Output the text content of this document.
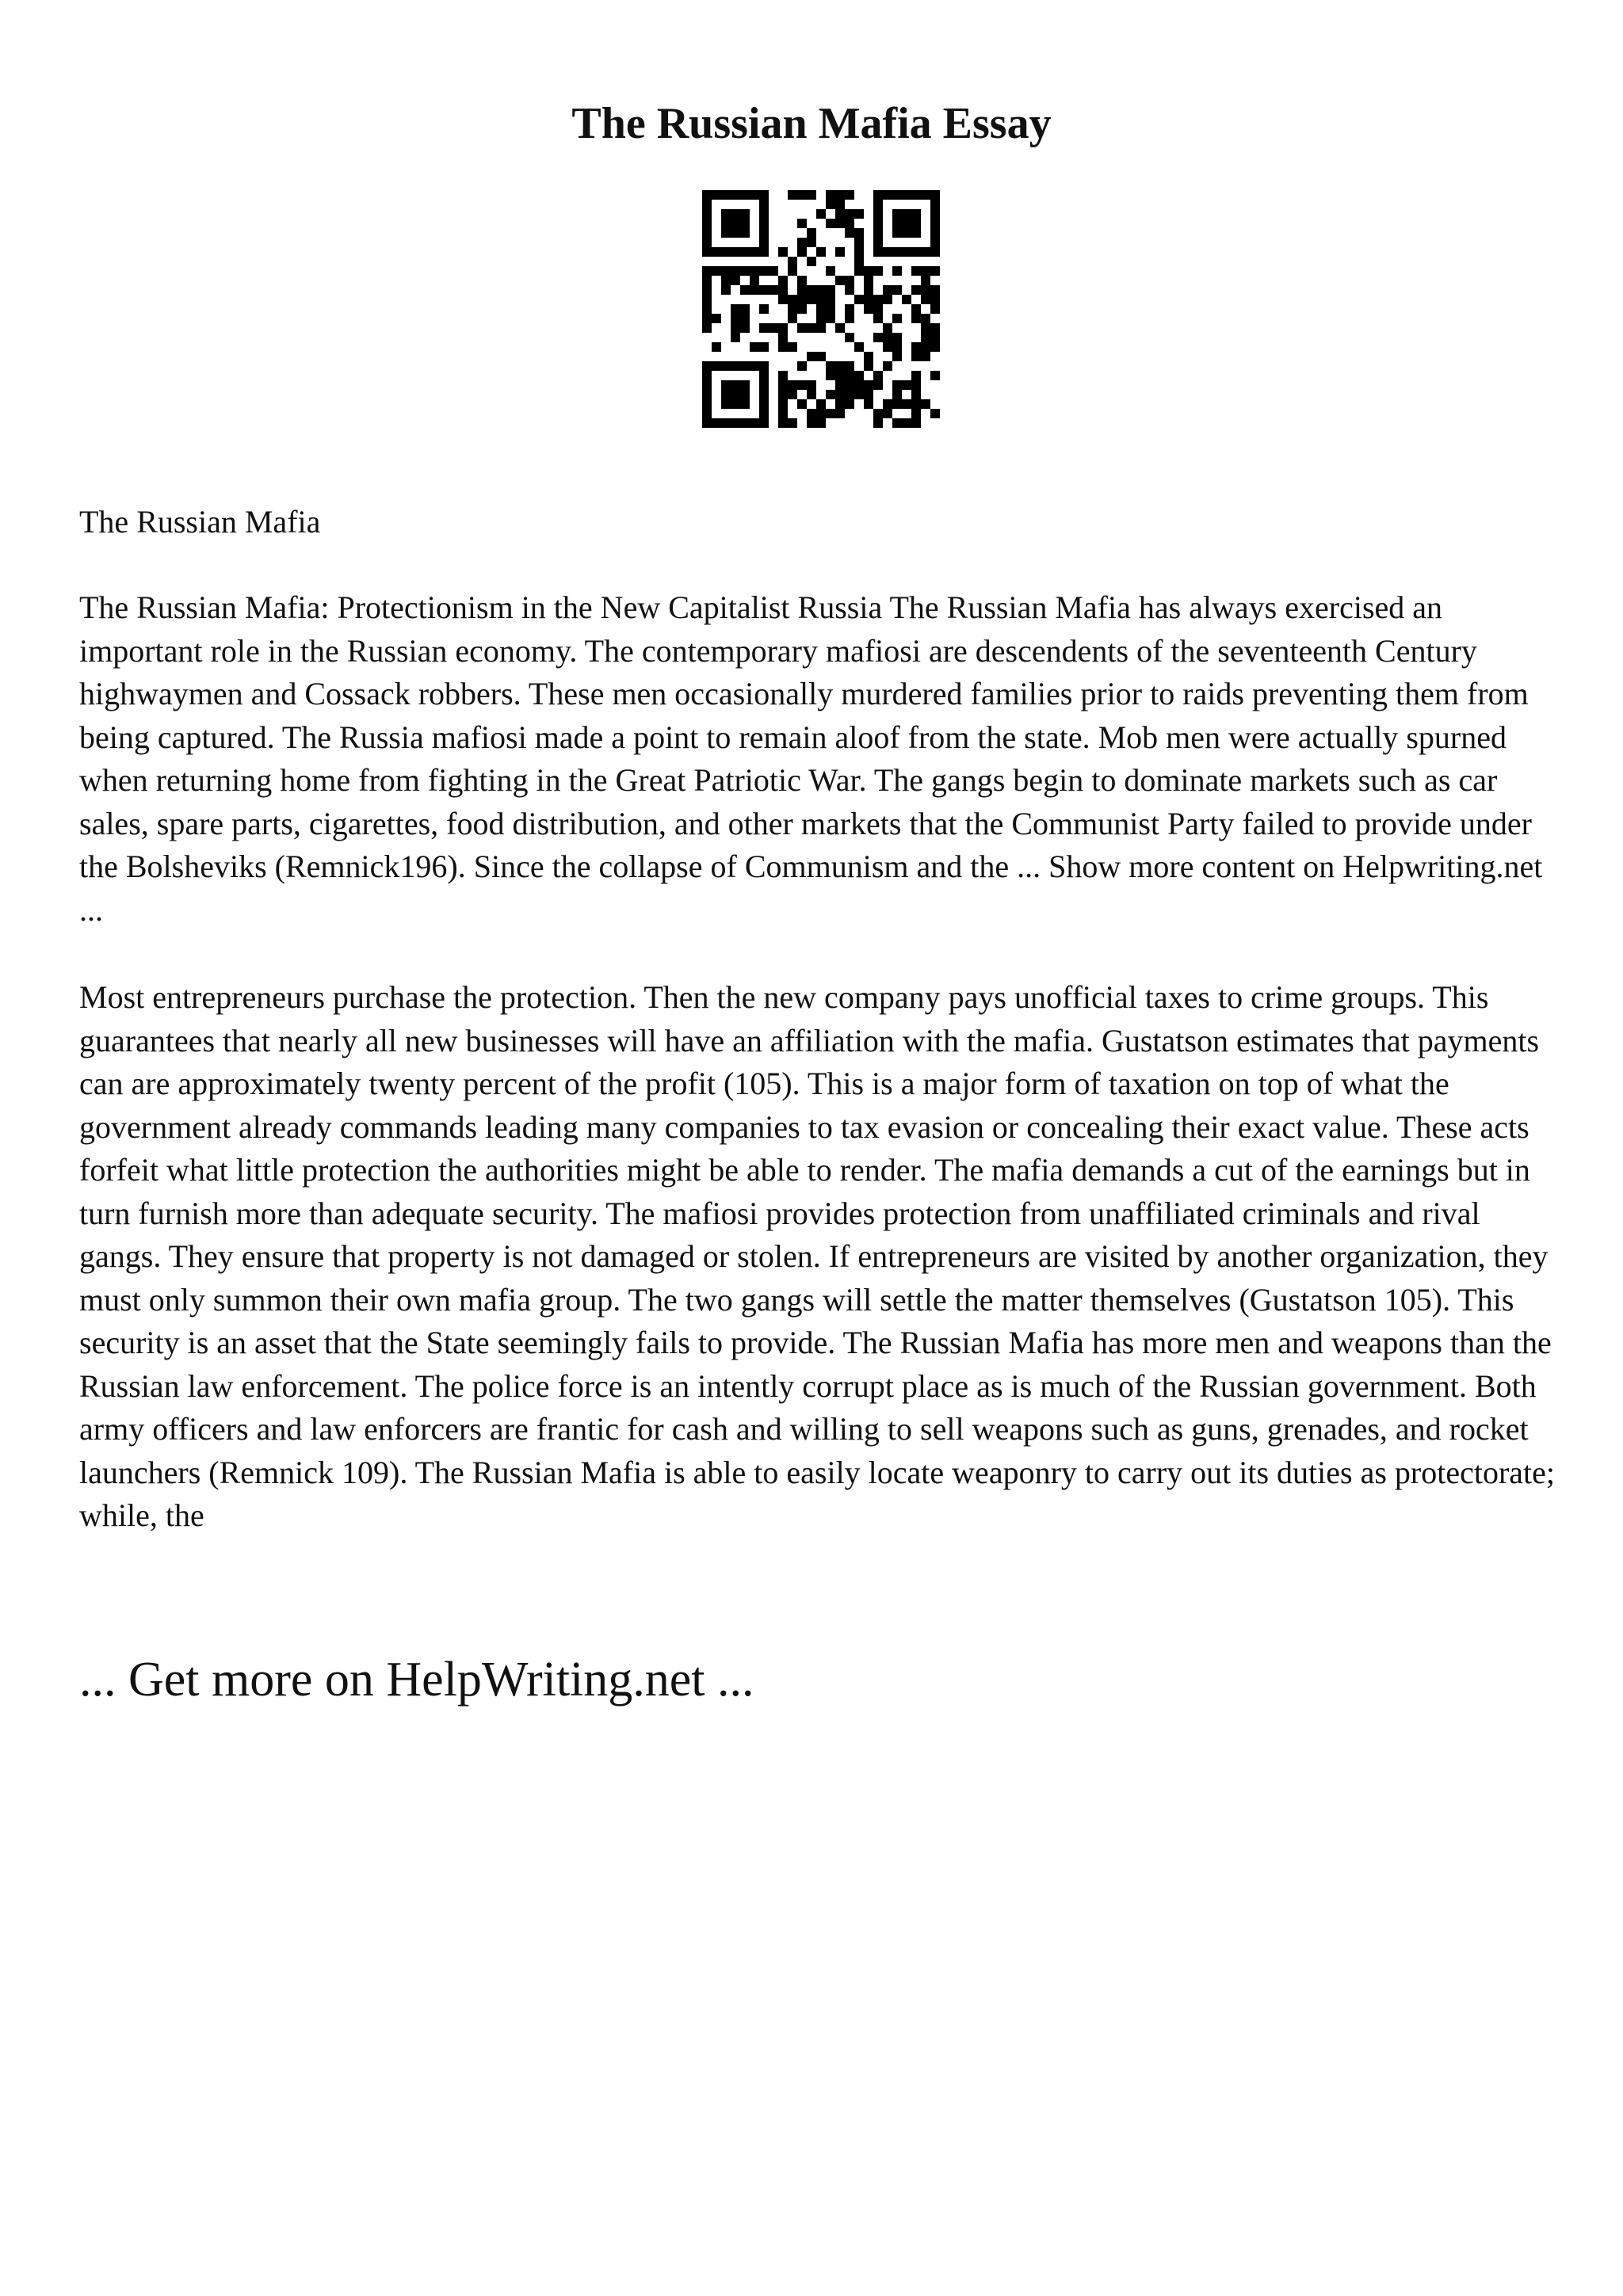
The Russian Mafia Essay

The Russian Mafia

The Russian Mafia: Protectionism in the New Capitalist Russia The Russian Mafia has always exercised an important role in the Russian economy. The contemporary mafiosi are descendents of the seventeenth Century highwaymen and Cossack robbers. These men occasionally murdered families prior to raids preventing them from being captured. The Russia mafiosi made a point to remain aloof from the state. Mob men were actually spurned when returning home from fighting in the Great Patriotic War. The gangs begin to dominate markets such as car sales, spare parts, cigarettes, food distribution, and other markets that the Communist Party failed to provide under the Bolsheviks (Remnick196). Since the collapse of Communism and the ... Show more content on Helpwriting.net ...

Most entrepreneurs purchase the protection. Then the new company pays unofficial taxes to crime groups. This guarantees that nearly all new businesses will have an affiliation with the mafia. Gustatson estimates that payments can are approximately twenty percent of the profit (105). This is a major form of taxation on top of what the government already commands leading many companies to tax evasion or concealing their exact value. These acts forfeit what little protection the authorities might be able to render. The mafia demands a cut of the earnings but in turn furnish more than adequate security. The mafiosi provides protection from unaffiliated criminals and rival gangs. They ensure that property is not damaged or stolen. If entrepreneurs are visited by another organization, they must only summon their own mafia group. The two gangs will settle the matter themselves (Gustatson 105). This security is an asset that the State seemingly fails to provide. The Russian Mafia has more men and weapons than the Russian law enforcement. The police force is an intently corrupt place as is much of the Russian government. Both army officers and law enforcers are frantic for cash and willing to sell weapons such as guns, grenades, and rocket launchers (Remnick 109). The Russian Mafia is able to easily locate weaponry to carry out its duties as protectorate; while, the

... Get more on HelpWriting.net ...
